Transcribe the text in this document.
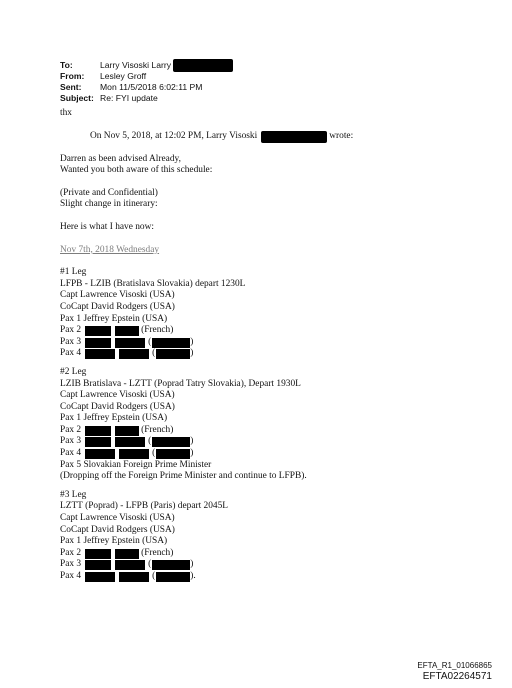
To:	Larry Visoski Larry
From:	Lesley Groff
Sent:	Mon 11/5/2018 6:02:11 PM
Subject: Re: FYI update

thx

On Nov 5, 2018, at 12:02 PM, Larry Visoski	wrote:

Darren as been advised Already,

Wanted you both aware of this schedule:

(Private and Confidential)

Slight change in itinerary:

Here is what I have now:

Nov 7th, 2018 Wednesday

#1 Leg

LFPB - LZIB (Bratislava Slovakia) depart 1230L

Capt Lawrence Visoski (USA)

CoCapt David Rodgers (USA)

Pax 1 Jeffrey Epstein (USA)

Pax 2	(French)
Pax 3	(	)
Pax 4	(	)

#2 Leg

LZIB Bratislava - LZTT (Poprad Tatry Slovakia), Depart 1930L

Capt Lawrence Visoski (USA)

CoCapt David Rodgers (USA)

Pax 1 Jeffrey Epstein (USA)

Pax 2	(French)
Pax 3	(	)
Pax 4	(	)

Pax 5 Slovakian Foreign Prime Minister

(Dropping off the Foreign Prime Minister and continue to LFPB).

#3 Leg

LZTT (Poprad) - LFPB (Paris) depart 2045L

Capt Lawrence Visoski (USA)

CoCapt David Rodgers (USA)

Pax 1 Jeffrey Epstein (USA)

Pax 2	(French)
Pax 3	(	)
Pax 4	(	).
EFTA_R1_01066865
EFTA02264571
